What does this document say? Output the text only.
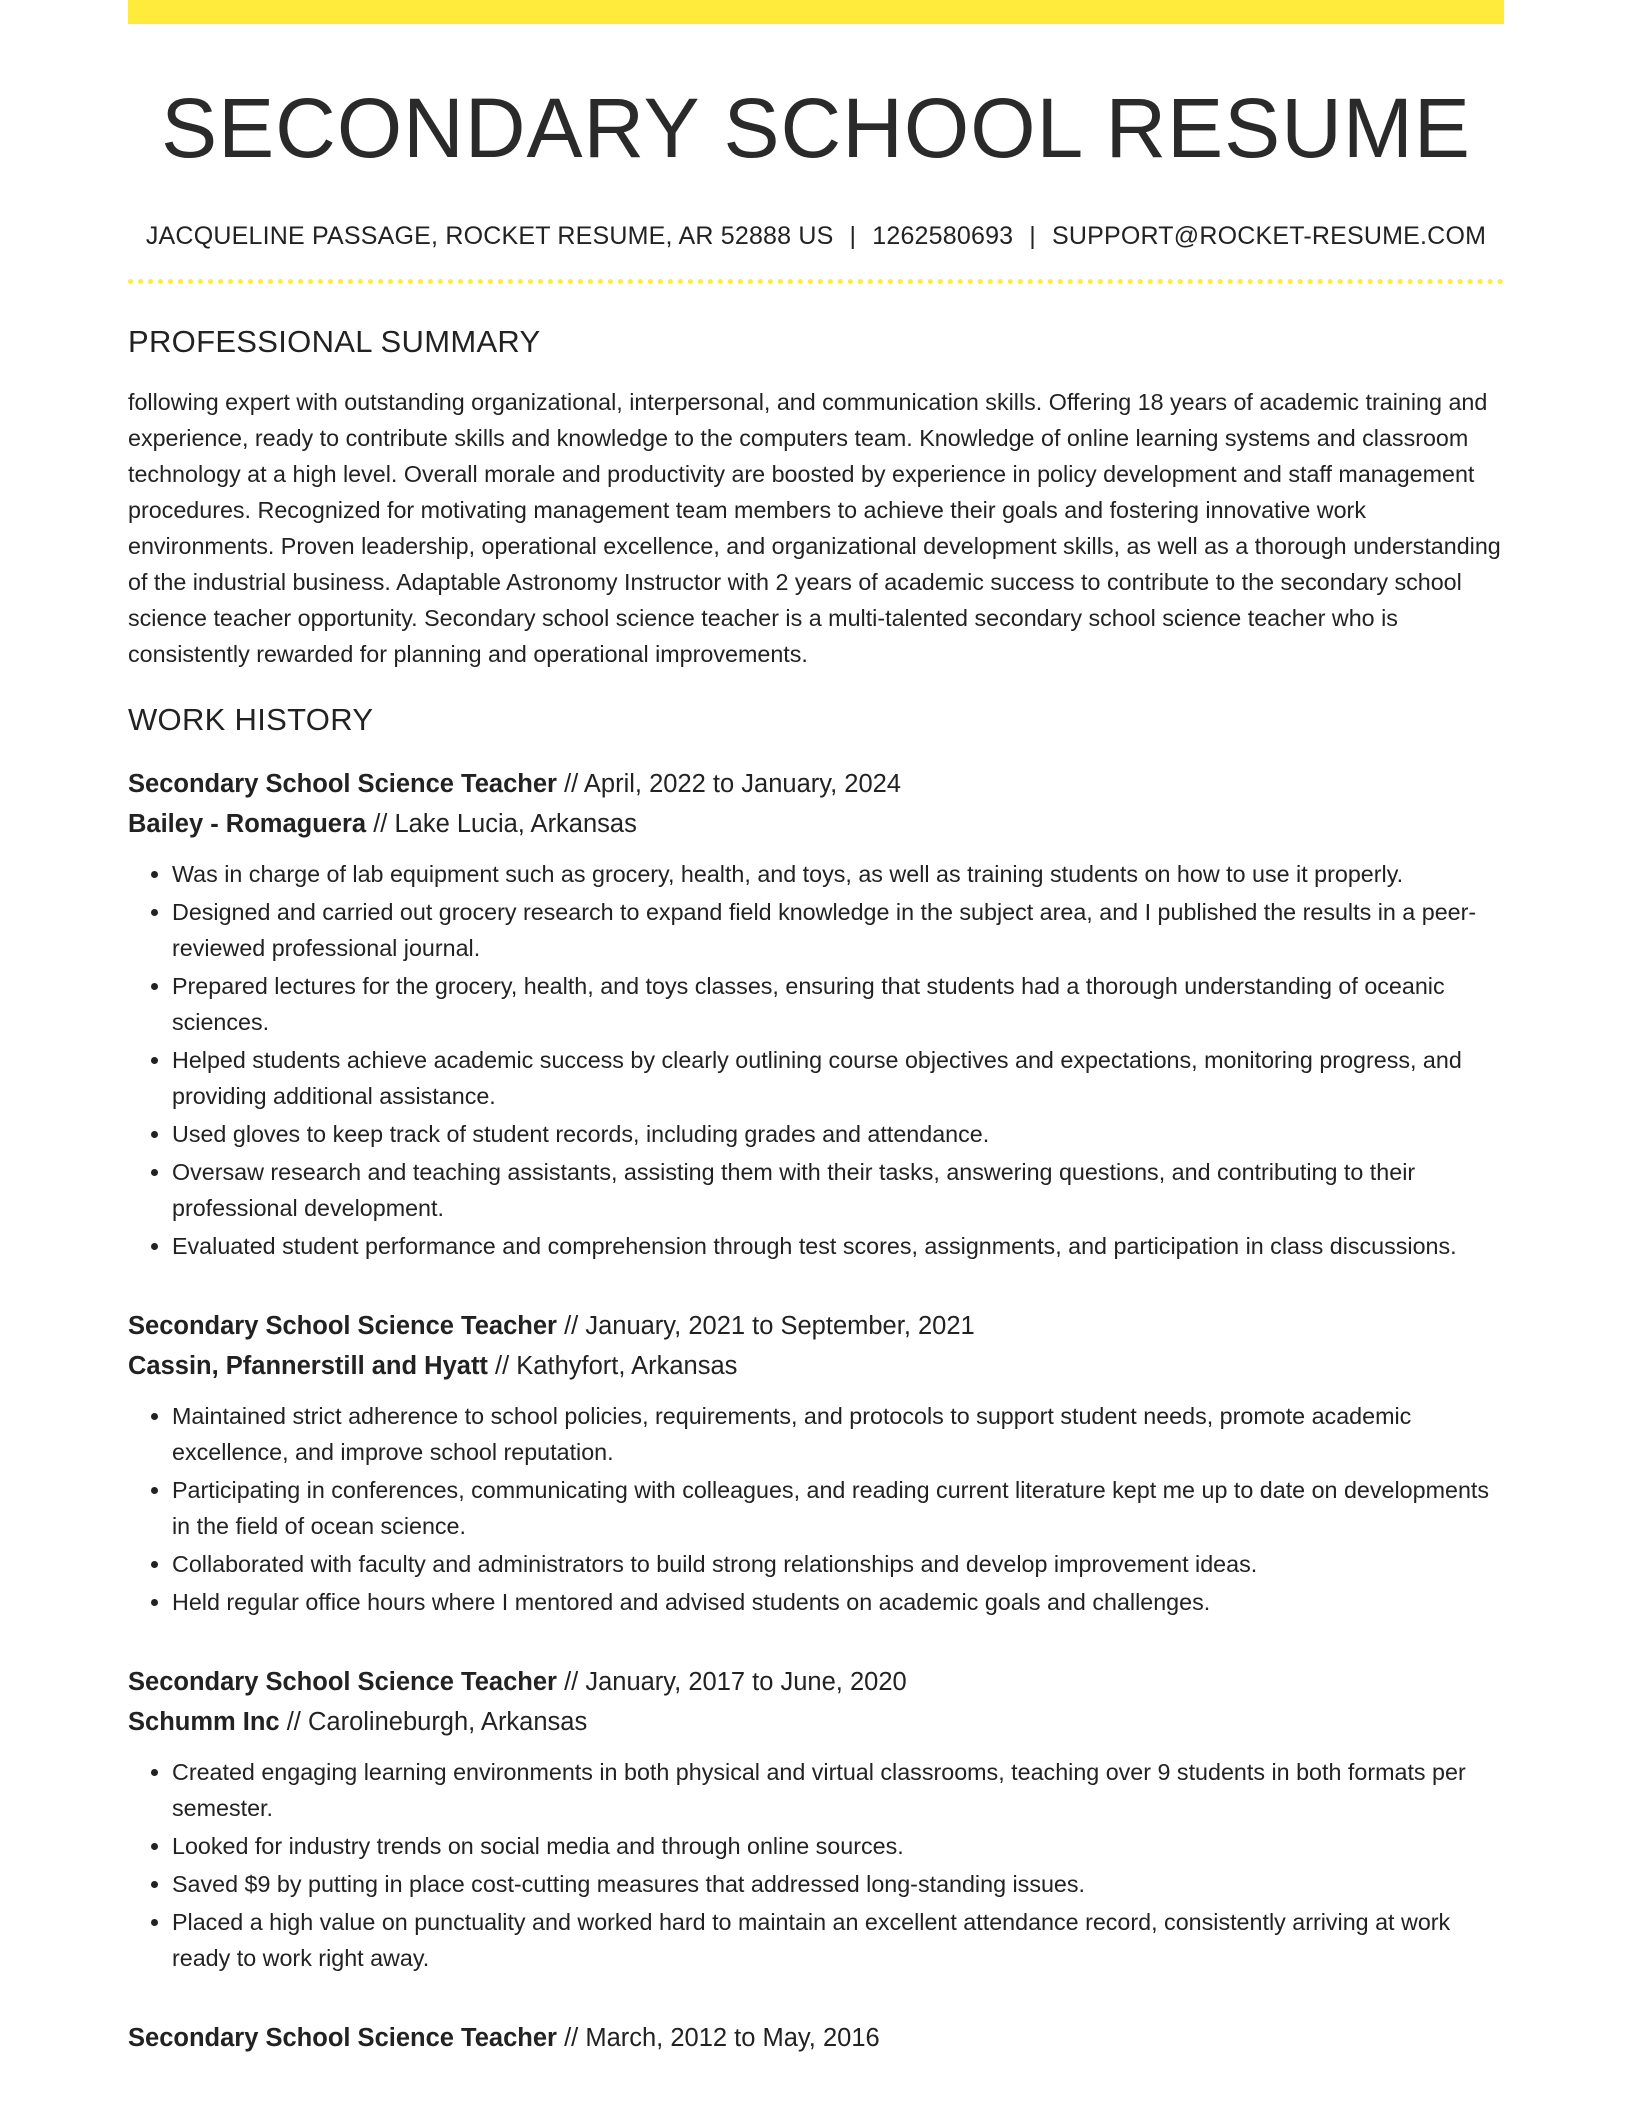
SECONDARY SCHOOL RESUME
JACQUELINE PASSAGE, ROCKET RESUME, AR 52888 US | 1262580693 | SUPPORT@ROCKET-RESUME.COM
PROFESSIONAL SUMMARY

following expert with outstanding organizational, interpersonal, and communication skills. Offering 18 years of academic training and experience, ready to contribute skills and knowledge to the computers team. Knowledge of online learning systems and classroom technology at a high level. Overall morale and productivity are boosted by experience in policy development and staff management procedures. Recognized for motivating management team members to achieve their goals and fostering innovative work environments. Proven leadership, operational excellence, and organizational development skills, as well as a thorough understanding of the industrial business. Adaptable Astronomy Instructor with 2 years of academic success to contribute to the secondary school science teacher opportunity. Secondary school science teacher is a multi-talented secondary school science teacher who is consistently rewarded for planning and operational improvements.

WORK HISTORY
Secondary School Science Teacher // April, 2022 to January, 2024
Bailey - Romaguera // Lake Lucia, Arkansas
• Was in charge of lab equipment such as grocery, health, and toys, as well as training students on how to use it properly.
• Designed and carried out grocery research to expand field knowledge in the subject area, and I published the results in a peer-reviewed professional journal.
• Prepared lectures for the grocery, health, and toys classes, ensuring that students had a thorough understanding of oceanic sciences.
• Helped students achieve academic success by clearly outlining course objectives and expectations, monitoring progress, and providing additional assistance.
• Used gloves to keep track of student records, including grades and attendance.
• Oversaw research and teaching assistants, assisting them with their tasks, answering questions, and contributing to their professional development.
• Evaluated student performance and comprehension through test scores, assignments, and participation in class discussions.
Secondary School Science Teacher // January, 2021 to September, 2021
Cassin, Pfannerstill and Hyatt // Kathyfort, Arkansas
• Maintained strict adherence to school policies, requirements, and protocols to support student needs, promote academic excellence, and improve school reputation.
• Participating in conferences, communicating with colleagues, and reading current literature kept me up to date on developments in the field of ocean science.
• Collaborated with faculty and administrators to build strong relationships and develop improvement ideas.
• Held regular office hours where I mentored and advised students on academic goals and challenges.
Secondary School Science Teacher // January, 2017 to June, 2020
Schumm Inc // Carolineburgh, Arkansas
• Created engaging learning environments in both physical and virtual classrooms, teaching over 9 students in both formats per semester.
• Looked for industry trends on social media and through online sources.
• Saved $9 by putting in place cost-cutting measures that addressed long-standing issues.
• Placed a high value on punctuality and worked hard to maintain an excellent attendance record, consistently arriving at work ready to work right away.
Secondary School Science Teacher // March, 2012 to May, 2016
